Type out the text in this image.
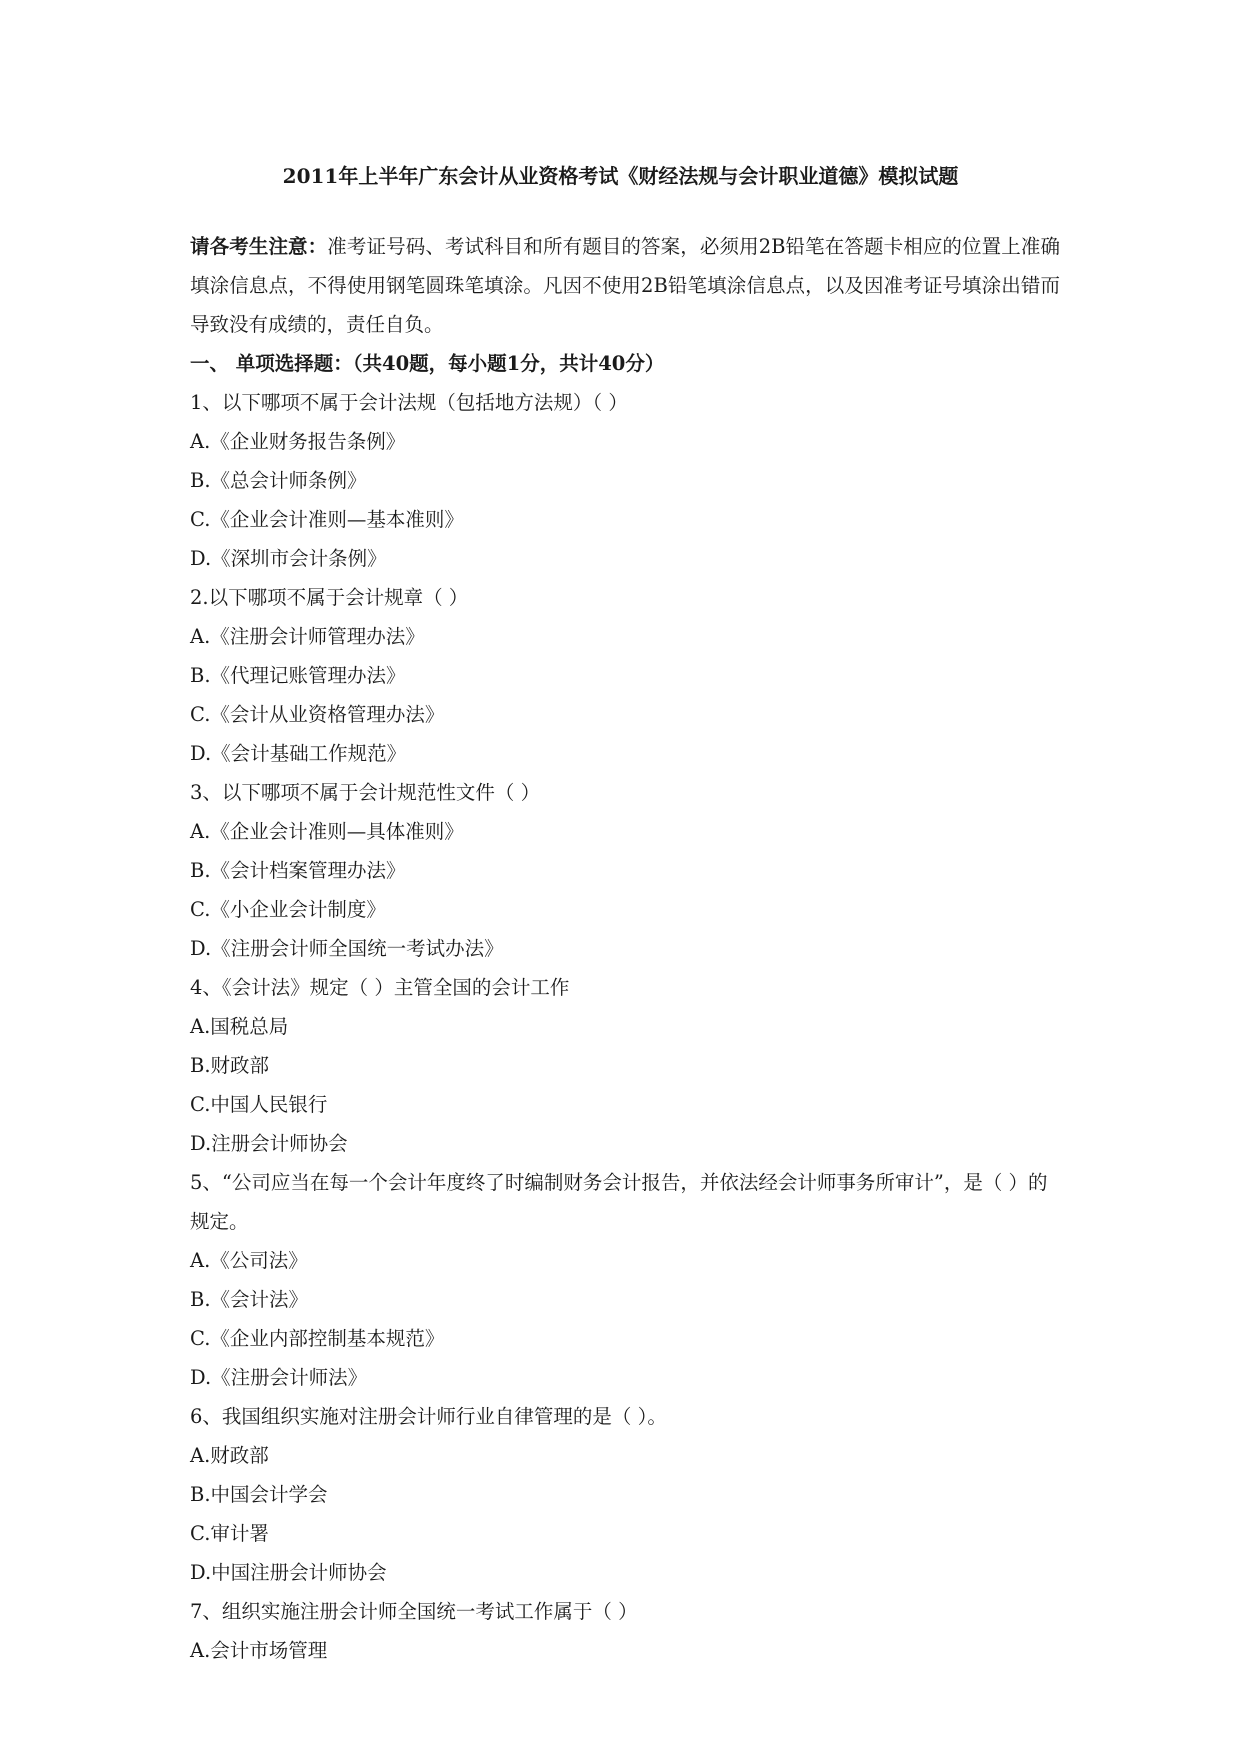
2011年上半年广东会计从业资格考试《财经法规与会计职业道德》模拟试题

请各考生注意：准考证号码、考试科目和所有题目的答案，必须用2B铅笔在答题卡相应的位置上准确填涂信息点，不得使用钢笔圆珠笔填涂。凡因不使用2B铅笔填涂信息点，以及因准考证号填涂出错而导致没有成绩的，责任自负。

一、 单项选择题：（共40题，每小题1分，共计40分）
1、以下哪项不属于会计法规（包括地方法规）（ ）
A.《企业财务报告条例》
B.《总会计师条例》
C.《企业会计准则—基本准则》
D.《深圳市会计条例》
2.以下哪项不属于会计规章（ ）
A.《注册会计师管理办法》
B.《代理记账管理办法》
C.《会计从业资格管理办法》
D.《会计基础工作规范》
3、以下哪项不属于会计规范性文件（ ）
A.《企业会计准则—具体准则》
B.《会计档案管理办法》
C.《小企业会计制度》
D.《注册会计师全国统一考试办法》
4、《会计法》规定（ ）主管全国的会计工作
A.国税总局
B.财政部
C.中国人民银行
D.注册会计师协会
5、“公司应当在每一个会计年度终了时编制财务会计报告，并依法经会计师事务所审计”，是（ ）的规定。
A.《公司法》
B.《会计法》
C.《企业内部控制基本规范》
D.《注册会计师法》
6、我国组织实施对注册会计师行业自律管理的是（ ）。
A.财政部
B.中国会计学会
C.审计署
D.中国注册会计师协会
7、组织实施注册会计师全国统一考试工作属于（ ）
A.会计市场管理
